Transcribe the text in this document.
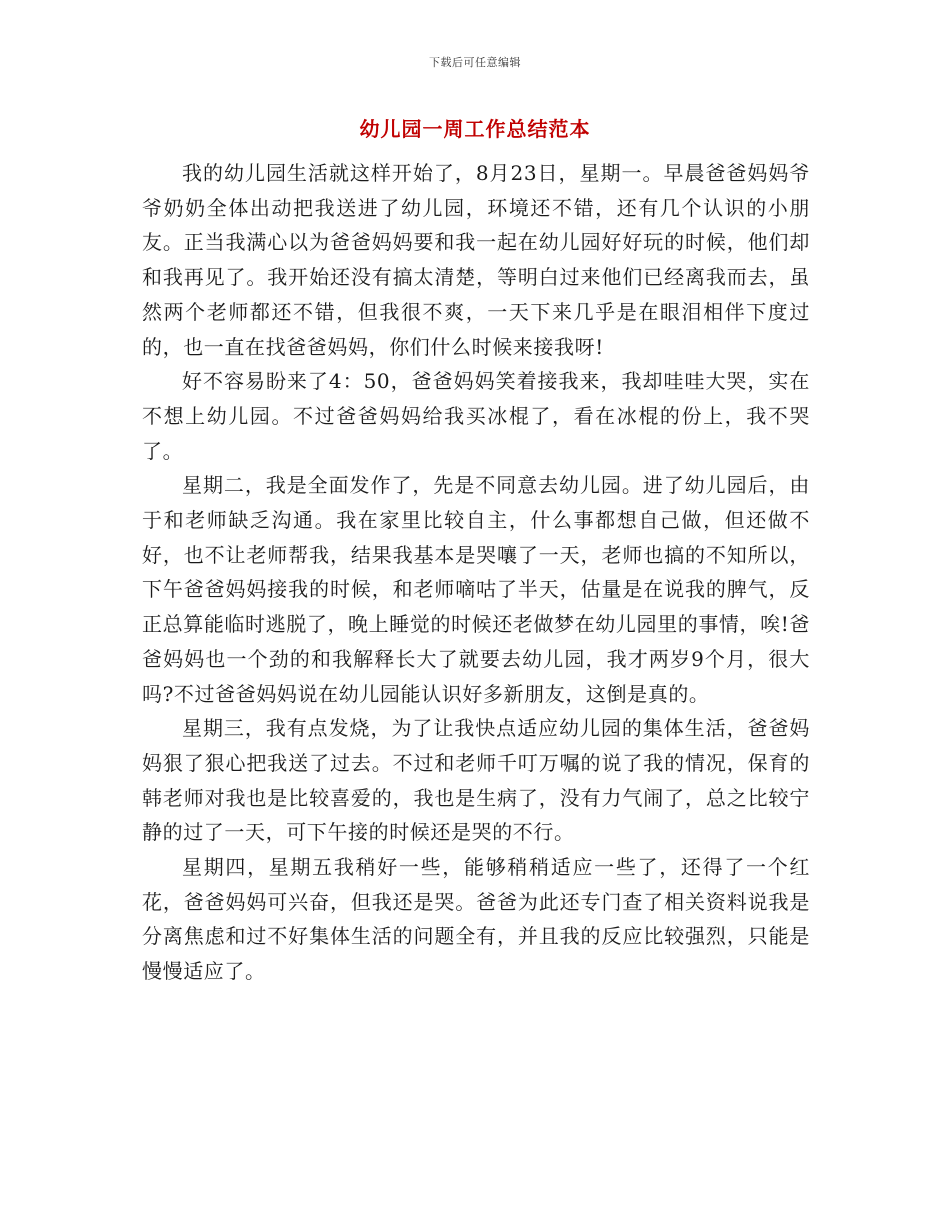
下载后可任意编辑
幼儿园一周工作总结范本

我的幼儿园生活就这样开始了，8月23日，星期一。早晨爸爸妈妈爷爷奶奶全体出动把我送进了幼儿园，环境还不错，还有几个认识的小朋友。正当我满心以为爸爸妈妈要和我一起在幼儿园好好玩的时候，他们却和我再见了。我开始还没有搞太清楚，等明白过来他们已经离我而去，虽然两个老师都还不错，但我很不爽，一天下来几乎是在眼泪相伴下度过的，也一直在找爸爸妈妈，你们什么时候来接我呀!

好不容易盼来了4：50，爸爸妈妈笑着接我来，我却哇哇大哭，实在不想上幼儿园。不过爸爸妈妈给我买冰棍了，看在冰棍的份上，我不哭了。

星期二，我是全面发作了，先是不同意去幼儿园。进了幼儿园后，由于和老师缺乏沟通。我在家里比较自主，什么事都想自己做，但还做不好，也不让老师帮我，结果我基本是哭嚷了一天，老师也搞的不知所以，下午爸爸妈妈接我的时候，和老师嘀咕了半天，估量是在说我的脾气，反正总算能临时逃脱了，晚上睡觉的时候还老做梦在幼儿园里的事情，唉!爸爸妈妈也一个劲的和我解释长大了就要去幼儿园，我才两岁9个月，很大吗?不过爸爸妈妈说在幼儿园能认识好多新朋友，这倒是真的。

星期三，我有点发烧，为了让我快点适应幼儿园的集体生活，爸爸妈妈狠了狠心把我送了过去。不过和老师千叮万嘱的说了我的情况，保育的韩老师对我也是比较喜爱的，我也是生病了，没有力气闹了，总之比较宁静的过了一天，可下午接的时候还是哭的不行。

星期四，星期五我稍好一些，能够稍稍适应一些了，还得了一个红花，爸爸妈妈可兴奋，但我还是哭。爸爸为此还专门查了相关资料说我是分离焦虑和过不好集体生活的问题全有，并且我的反应比较强烈，只能是慢慢适应了。
